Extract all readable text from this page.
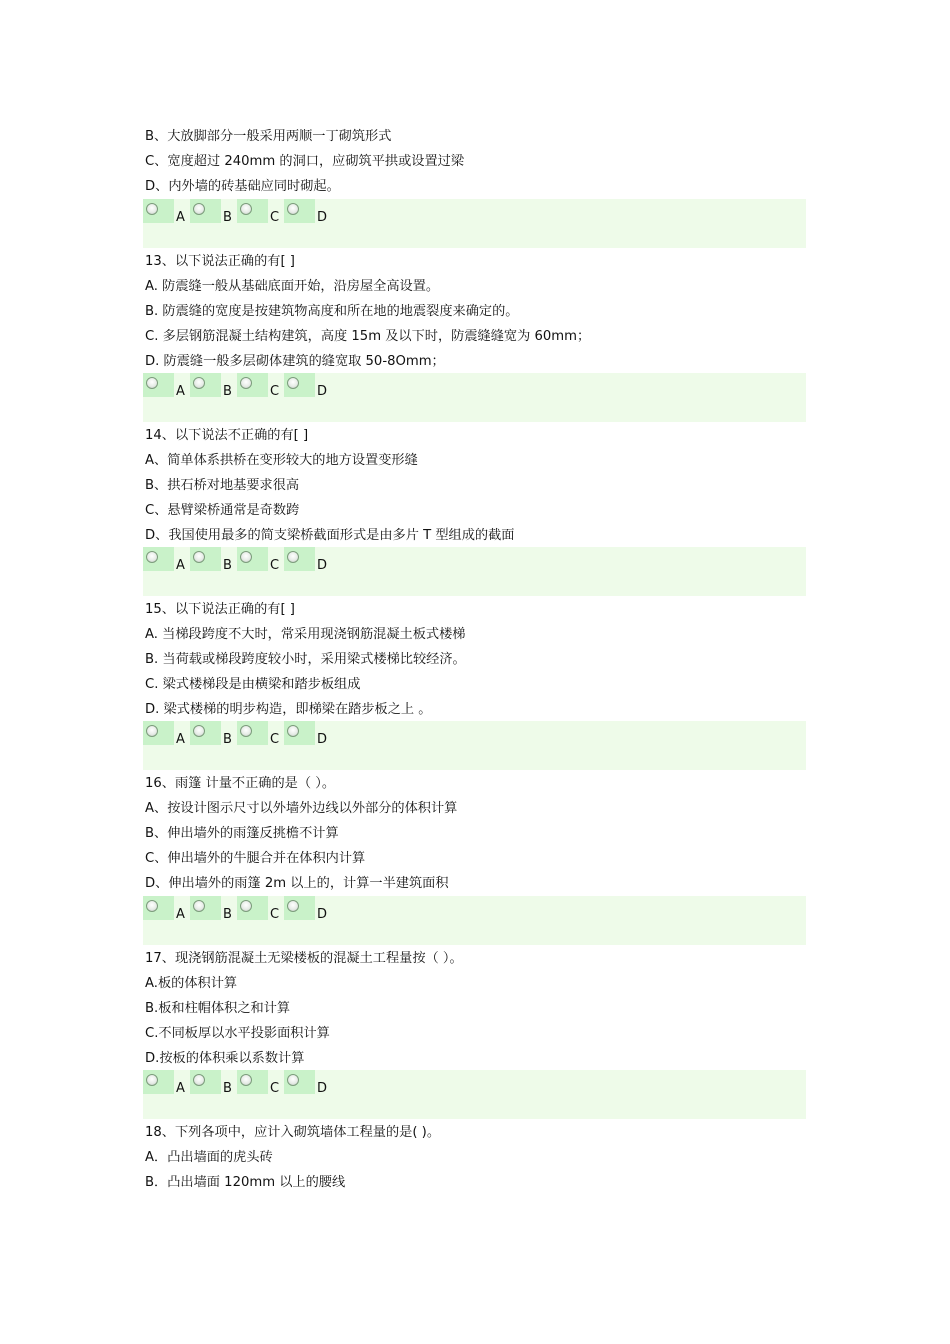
B、大放脚部分一般采用两顺一丁砌筑形式
C、宽度超过 240mm 的洞口，应砌筑平拱或设置过梁
D、内外墙的砖基础应同时砌起。
A	B	C	D
13、以下说法正确的有[ ]
A. 防震缝一般从基础底面开始，沿房屋全高设置。
B. 防震缝的宽度是按建筑物高度和所在地的地震裂度来确定的。
C. 多层钢筋混凝土结构建筑，高度 15m 及以下时，防震缝缝宽为 60mm；
D. 防震缝一般多层砌体建筑的缝宽取 50-8Omm；
A	B	C	D
14、以下说法不正确的有[ ]
A、简单体系拱桥在变形较大的地方设置变形缝
B、拱石桥对地基要求很高
C、悬臂梁桥通常是奇数跨
D、我国使用最多的简支梁桥截面形式是由多片 T 型组成的截面
A	B	C	D
15、以下说法正确的有[ ]
A. 当梯段跨度不大时，常采用现浇钢筋混凝土板式楼梯
B. 当荷载或梯段跨度较小时，采用梁式楼梯比较经济。
C. 梁式楼梯段是由横梁和踏步板组成
D. 梁式楼梯的明步构造，即梯梁在踏步板之上 。
A	B	C	D
16、雨篷 计量不正确的是（ ）。
A、按设计图示尺寸以外墙外边线以外部分的体积计算
B、伸出墙外的雨篷反挑檐不计算
C、伸出墙外的牛腿合并在体积内计算
D、伸出墙外的雨篷 2m 以上的，计算一半建筑面积
A	B	C	D
17、现浇钢筋混凝土无梁楼板的混凝土工程量按（ ）。
A.板的体积计算
B.板和柱帽体积之和计算
C.不同板厚以水平投影面积计算
D.按板的体积乘以系数计算
A	B	C	D
18、下列各项中，应计入砌筑墙体工程量的是( )。
A．凸出墙面的虎头砖
B．凸出墙面 120mm 以上的腰线
